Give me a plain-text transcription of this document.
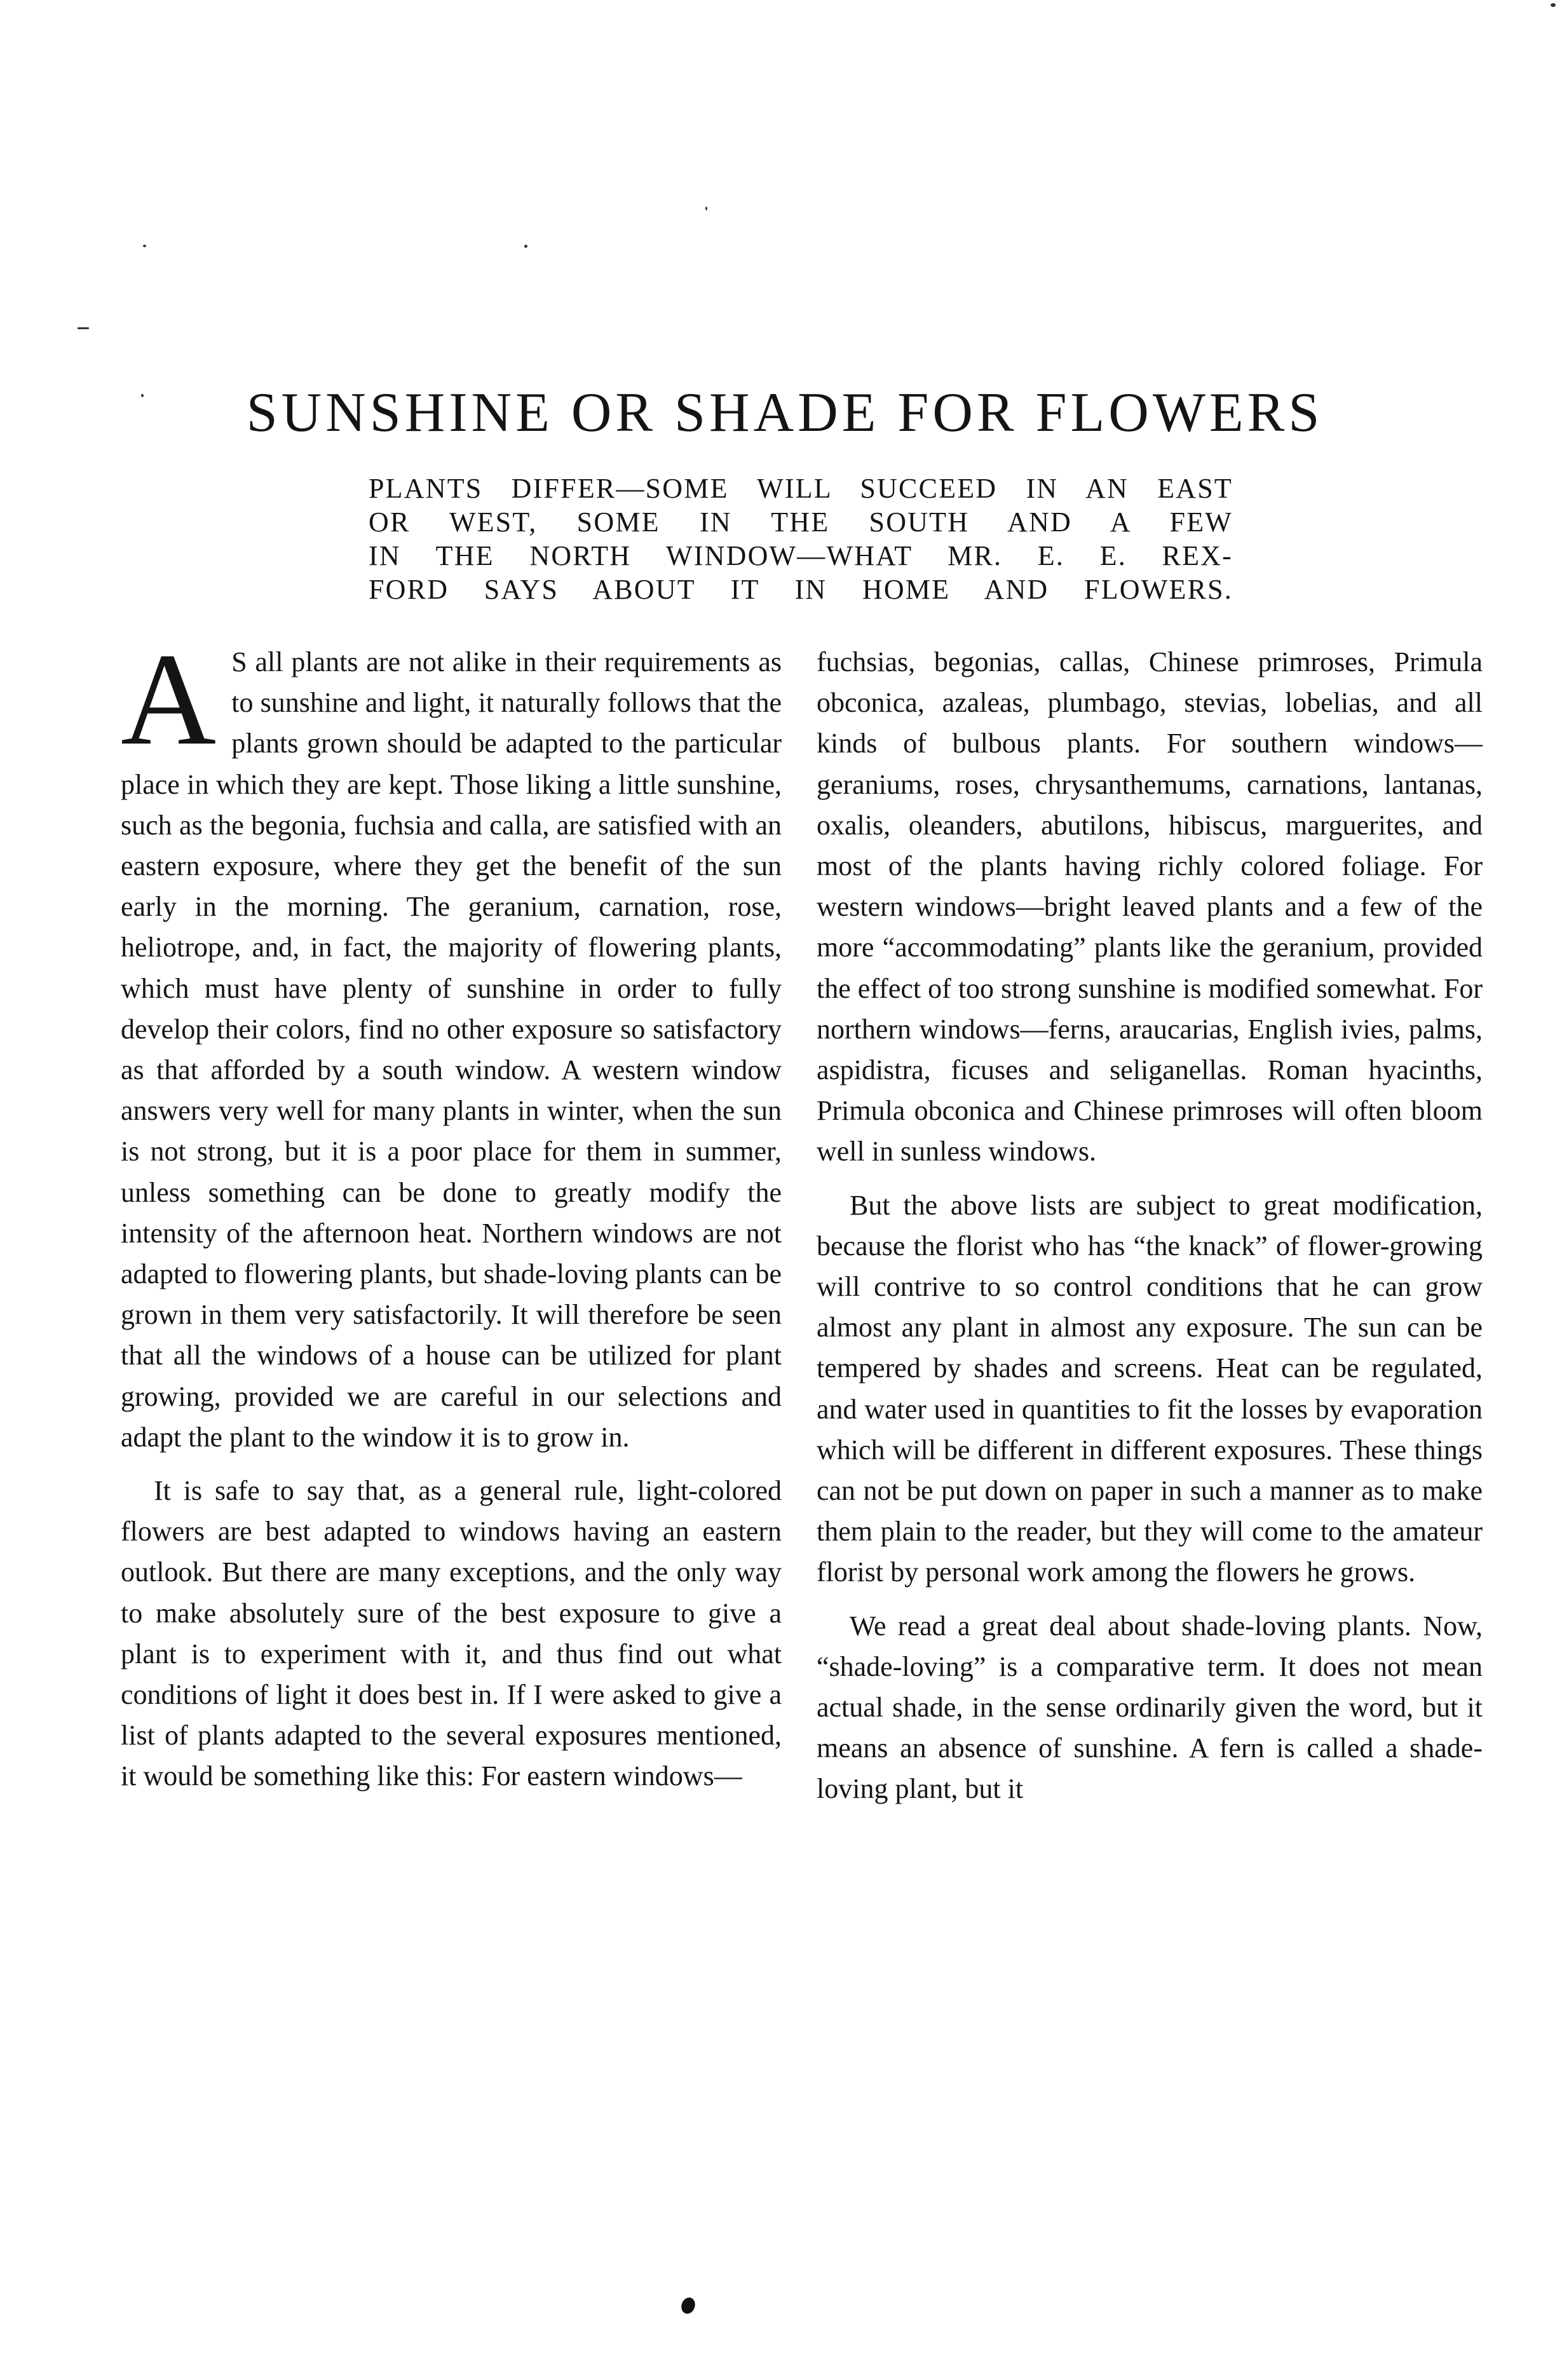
SUNSHINE OR SHADE FOR FLOWERS
PLANTS DIFFER—SOME WILL SUCCEED IN AN EAST
OR WEST, SOME IN THE SOUTH AND A FEW
IN THE NORTH WINDOW—WHAT MR. E. E. REX-
FORD SAYS ABOUT IT IN HOME AND FLOWERS.

A S all plants are not alike in their requirements as to sunshine and light, it naturally follows that the plants grown should be adapted to the particular place in which they are kept. Those liking a little sunshine, such as the begonia, fuchsia and calla, are satisfied with an eastern exposure, where they get the benefit of the sun early in the morning. The geranium, carnation, rose, heliotrope, and, in fact, the majority of flowering plants, which must have plenty of sunshine in order to fully develop their colors, find no other exposure so satisfactory as that afforded by a south window. A western window answers very well for many plants in winter, when the sun is not strong, but it is a poor place for them in summer, unless something can be done to greatly modify the intensity of the afternoon heat. Northern windows are not adapted to flowering plants, but shade-loving plants can be grown in them very satisfactorily. It will therefore be seen that all the windows of a house can be utilized for plant growing, provided we are careful in our selections and adapt the plant to the window it is to grow in.

It is safe to say that, as a general rule, light-colored flowers are best adapted to windows having an eastern outlook. But there are many exceptions, and the only way to make absolutely sure of the best exposure to give a plant is to experiment with it, and thus find out what conditions of light it does best in. If I were asked to give a list of plants adapted to the several exposures mentioned, it would be something like this: For eastern windows—

fuchsias, begonias, callas, Chinese primroses, Primula obconica, azaleas, plumbago, stevias, lobelias, and all kinds of bulbous plants. For southern windows—geraniums, roses, chrysanthemums, carnations, lantanas, oxalis, oleanders, abutilons, hibiscus, marguerites, and most of the plants having richly colored foliage. For western windows—bright leaved plants and a few of the more “accommodating” plants like the geranium, provided the effect of too strong sunshine is modified somewhat. For northern windows—ferns, araucarias, English ivies, palms, aspidistra, ficuses and seliganellas. Roman hyacinths, Primula obconica and Chinese primroses will often bloom well in sunless windows.

But the above lists are subject to great modification, because the florist who has “the knack” of flower-growing will contrive to so control conditions that he can grow almost any plant in almost any exposure. The sun can be tempered by shades and screens. Heat can be regulated, and water used in quantities to fit the losses by evaporation which will be different in different exposures. These things can not be put down on paper in such a manner as to make them plain to the reader, but they will come to the amateur florist by personal work among the flowers he grows.

We read a great deal about shade-loving plants. Now, “shade-loving” is a comparative term. It does not mean actual shade, in the sense ordinarily given the word, but it means an absence of sunshine. A fern is called a shade-loving plant, but it
